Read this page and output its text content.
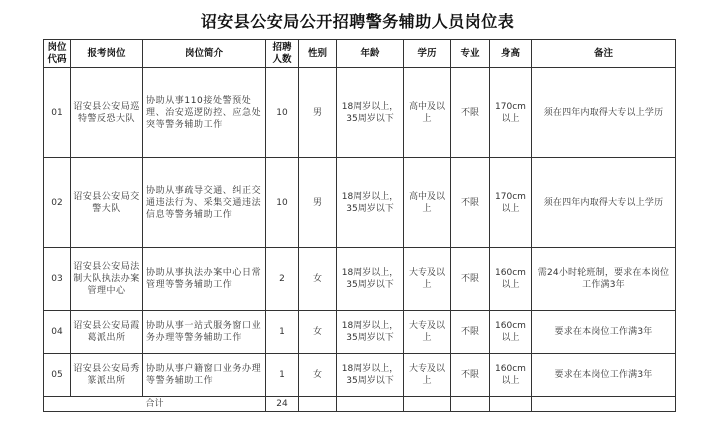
诏安县公安局公开招聘警务辅助人员岗位表
岗位代码	报考岗位	岗位简介	招聘人数	性别	年龄	学历	专业	身高	备注
01	诏安县公安局巡特警反恐大队	协助从事110接处警预处理、治安巡逻防控、应急处突等警务辅助工作	10	男	18周岁以上，35周岁以下	高中及以上	不限	170cm以上	须在四年内取得大专以上学历
02	诏安县公安局交警大队	协助从事疏导交通、纠正交通违法行为、采集交通违法信息等警务辅助工作	10	男	18周岁以上，35周岁以下	高中及以上	不限	170cm以上	须在四年内取得大专以上学历
03	诏安县公安局法制大队执法办案管理中心	协助从事执法办案中心日常管理等警务辅助工作	2	女	18周岁以上，35周岁以下	大专及以上	不限	160cm以上	需24小时轮班制，要求在本岗位工作满3年
04	诏安县公安局霞葛派出所	协助从事一站式服务窗口业务办理等警务辅助工作	1	女	18周岁以上，35周岁以下	大专及以上	不限	160cm以上	要求在本岗位工作满3年
05	诏安县公安局秀篆派出所	协助从事户籍窗口业务办理等警务辅助工作	1	女	18周岁以上，35周岁以下	大专及以上	不限	160cm以上	要求在本岗位工作满3年
合计			24						
